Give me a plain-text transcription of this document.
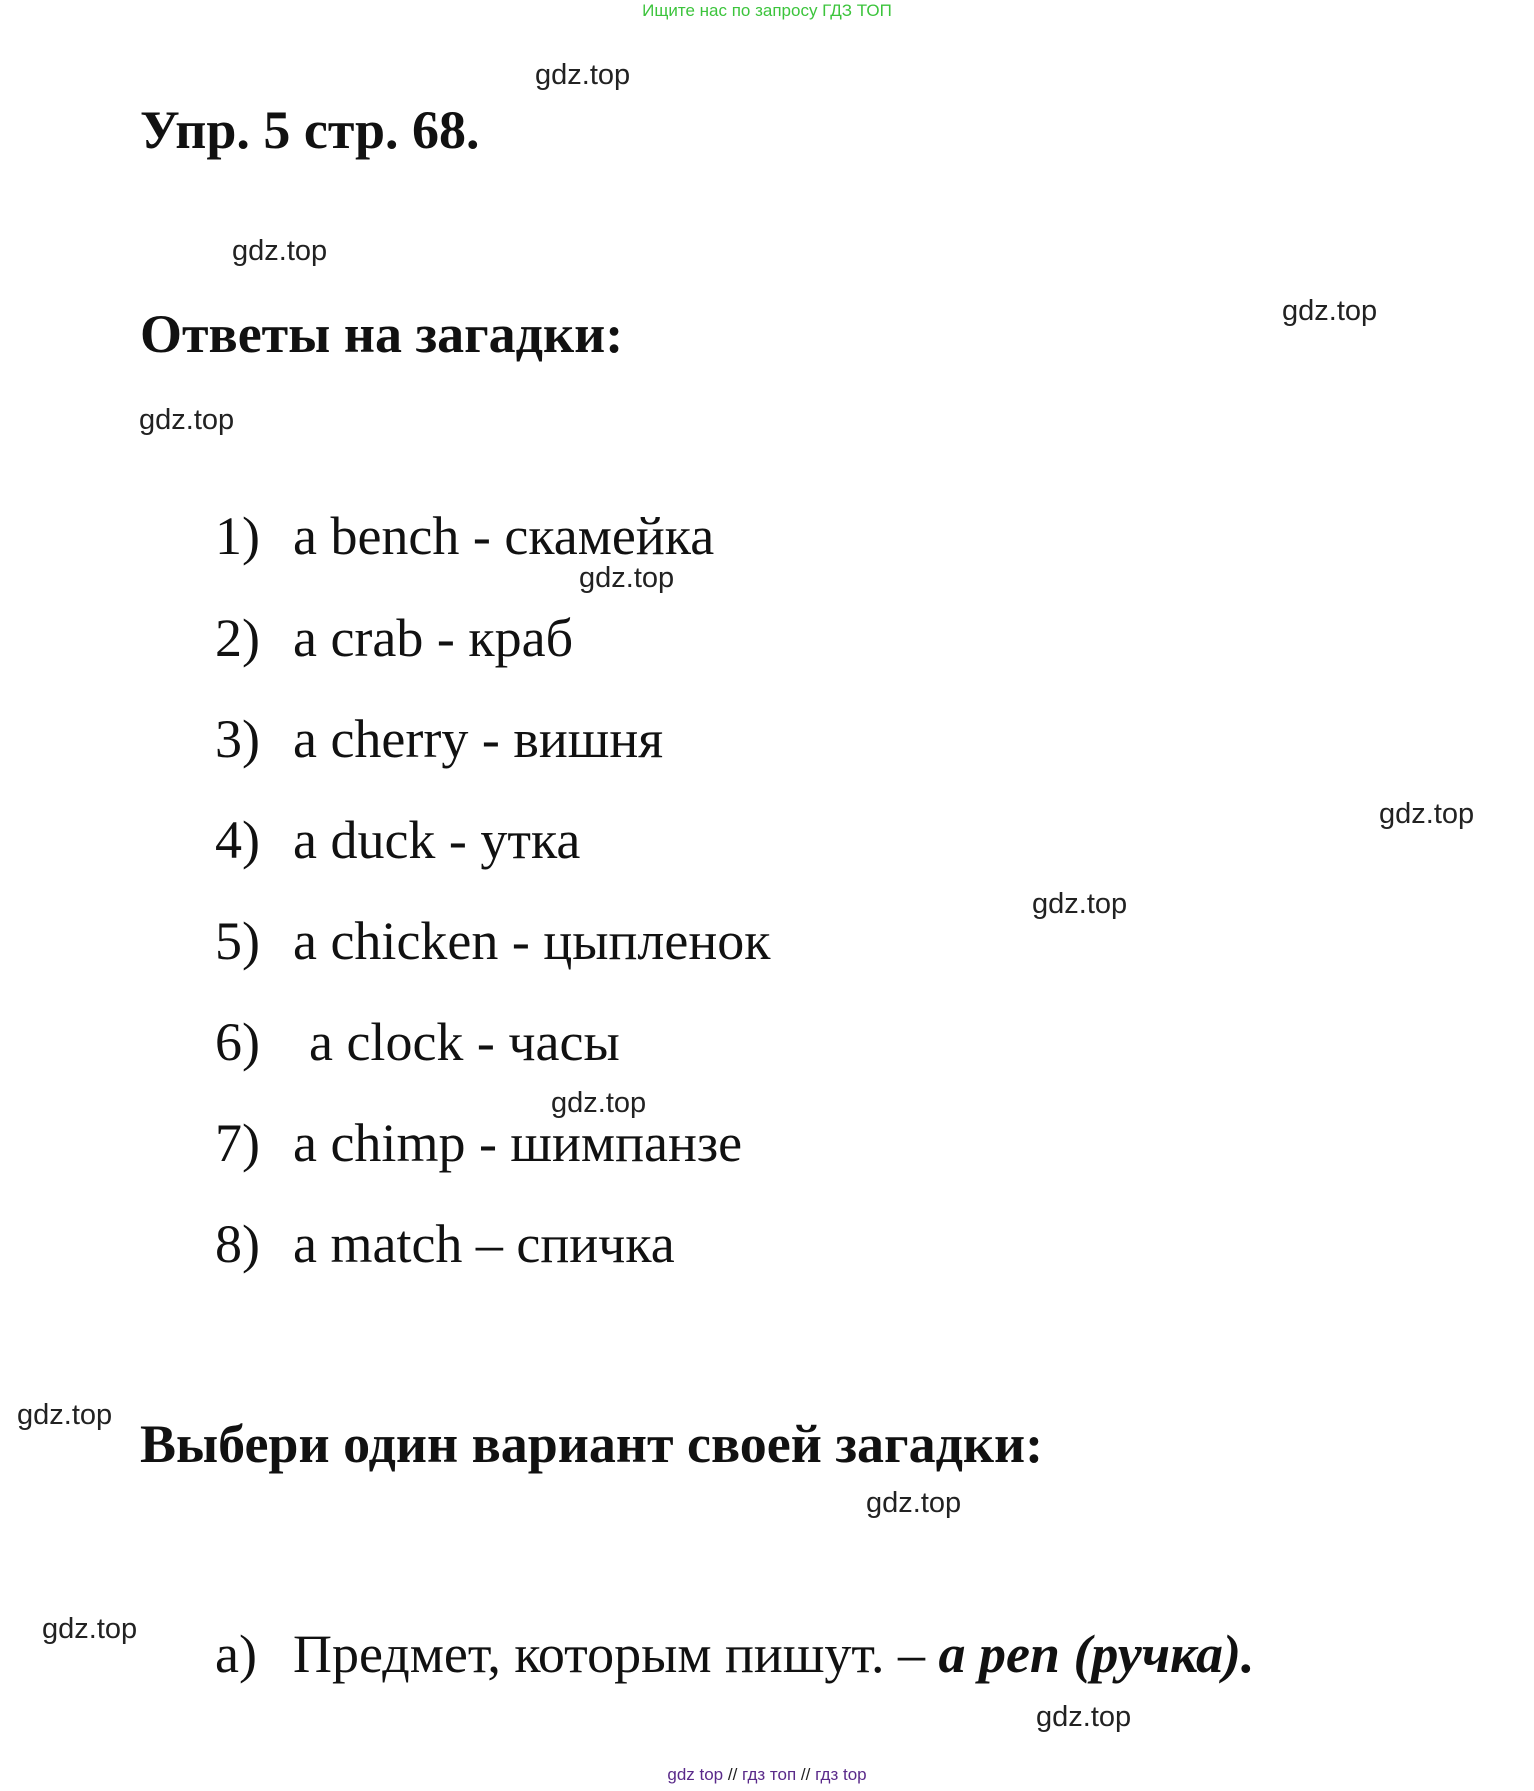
Ищите нас по запросу ГДЗ ТОП
Упр. 5 стр. 68.
Ответы на загадки:
1) a bench - скамейка
2) a crab - краб
3) a cherry - вишня
4) a duck - утка
5) a chicken - цыпленок
6) a clock - часы
7) a chimp - шимпанзе
8) a match – спичка
Выбери один вариант своей загадки:
a) Предмет, которым пишут. – a pen (ручка).
gdz.top
gdz.top
gdz.top
gdz.top
gdz.top
gdz.top
gdz.top
gdz.top
gdz.top
gdz.top
gdz.top
gdz.top
gdz top // гдз топ // гдз top
